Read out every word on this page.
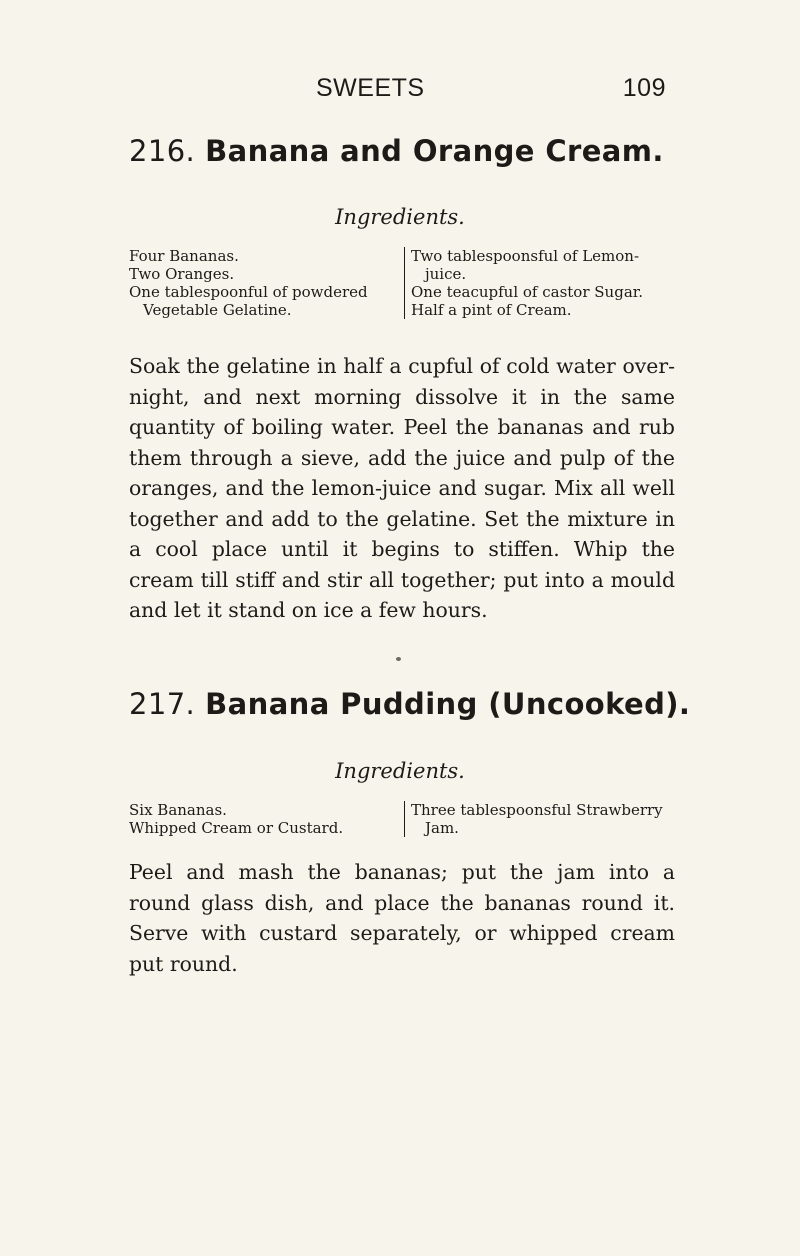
SWEETS	109
216. Banana and Orange Cream.
Ingredients.
Four Bananas.
Two Oranges.
One tablespoonful of powdered Vegetable Gelatine.
Two tablespoonsful of Lemon-juice.
One teacupful of castor Sugar.
Half a pint of Cream.

Soak the gelatine in half a cupful of cold water overnight, and next morning dissolve it in the same quantity of boiling water. Peel the bananas and rub them through a sieve, add the juice and pulp of the oranges, and the lemon-juice and sugar. Mix all well together and add to the gelatine. Set the mixture in a cool place until it begins to stiffen. Whip the cream till stiff and stir all together; put into a mould and let it stand on ice a few hours.

217. Banana Pudding (Uncooked).
Ingredients.
Six Bananas.
Whipped Cream or Custard.
Three tablespoonsful Strawberry Jam.

Peel and mash the bananas; put the jam into a round glass dish, and place the bananas round it. Serve with custard separately, or whipped cream put round.
